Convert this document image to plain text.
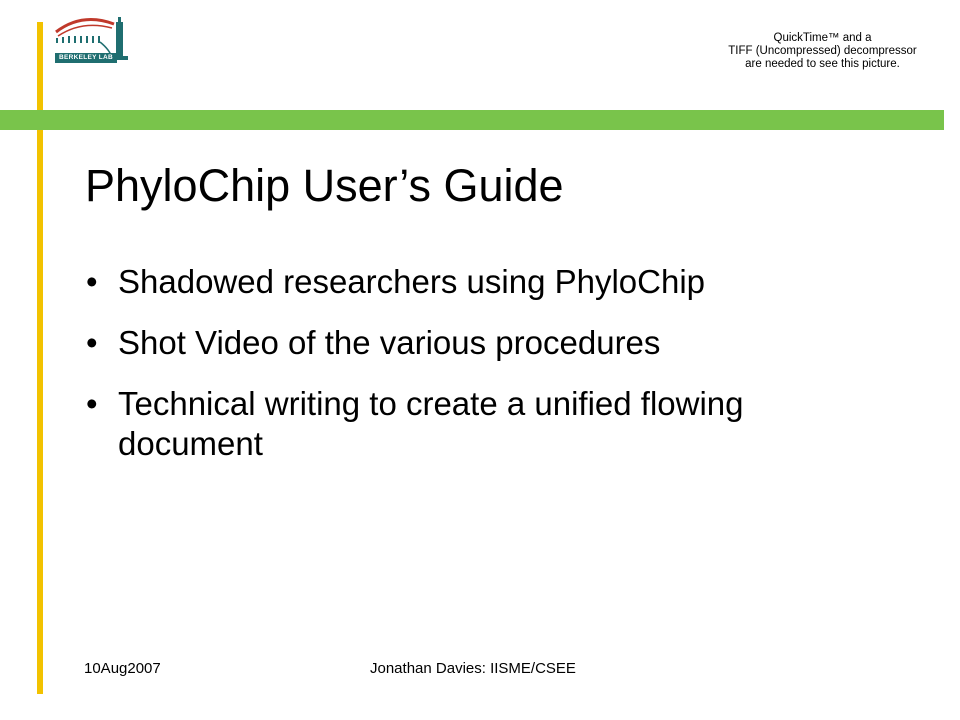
BERKELEY LAB
QuickTime™ and a
TIFF (Uncompressed) decompressor
are needed to see this picture.
PhyloChip User’s Guide
• Shadowed researchers using PhyloChip
• Shot Video of the various procedures
• Technical writing to create a unified flowing document
10Aug2007	Jonathan Davies: IISME/CSEE
